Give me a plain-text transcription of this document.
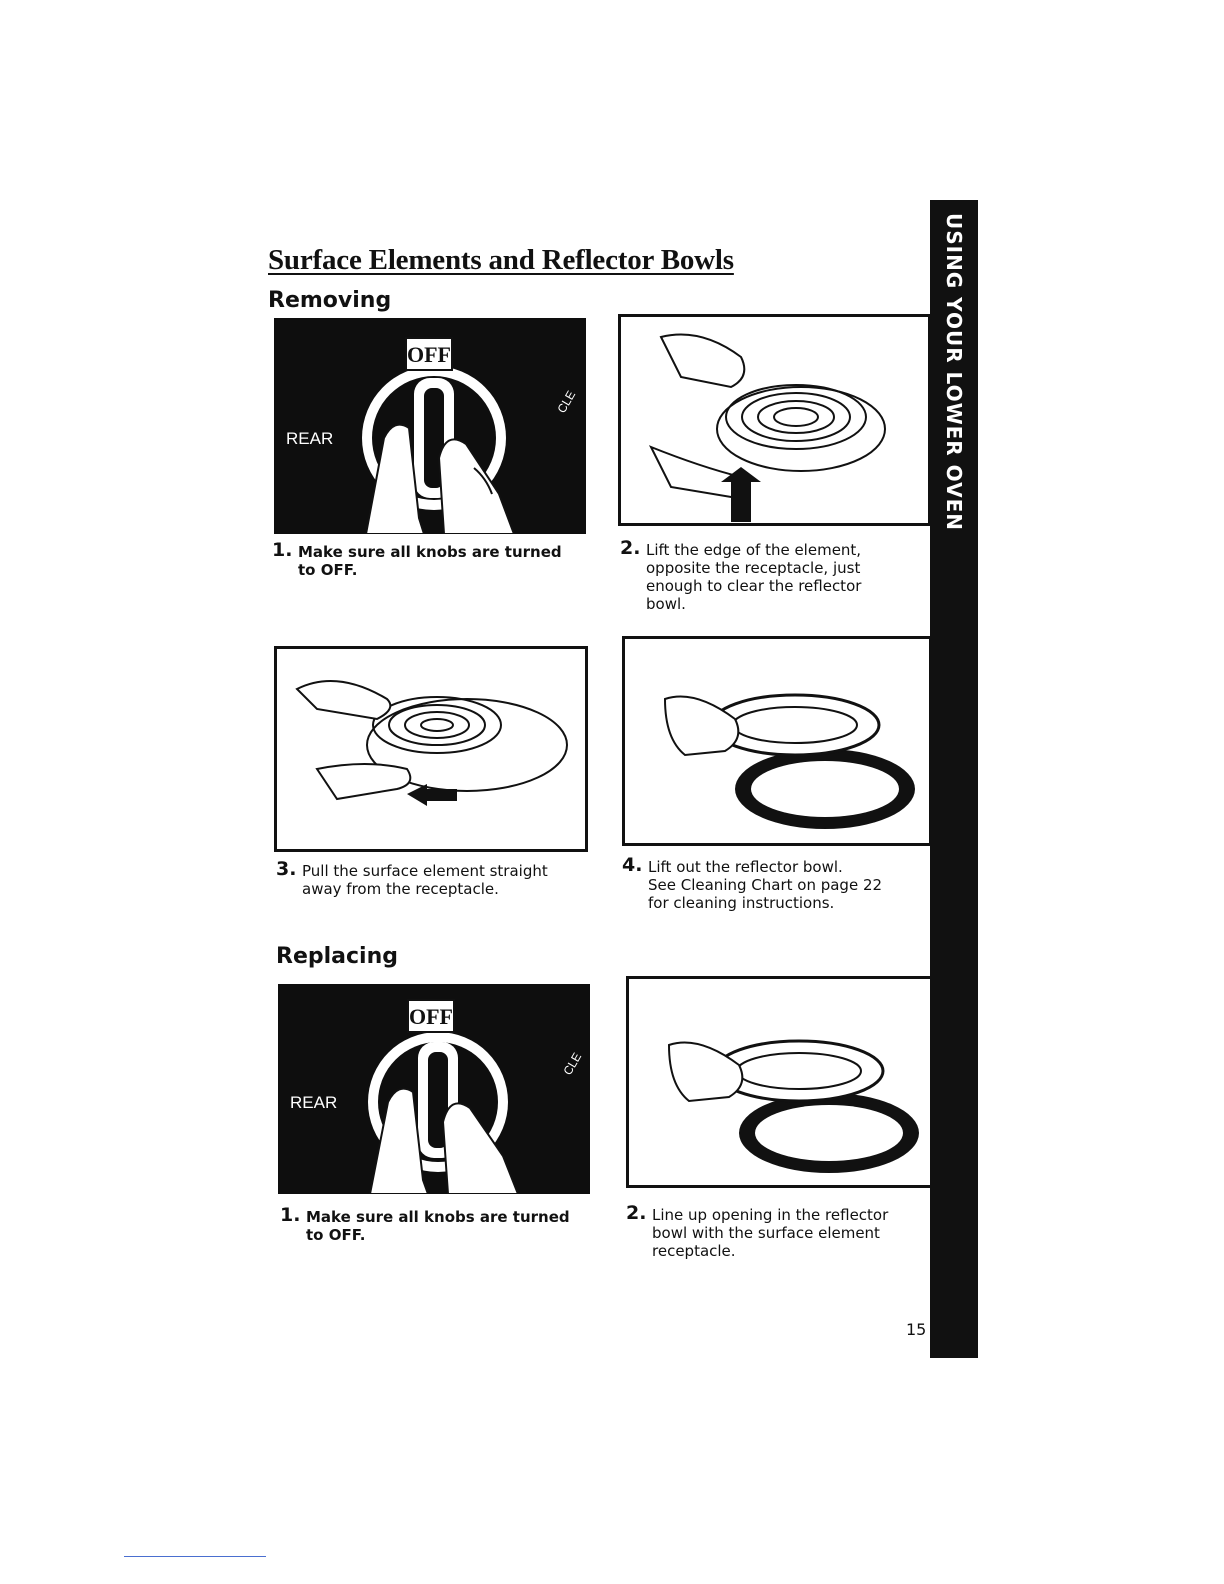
Surface Elements and Reflector Bowls
Removing
OFF
REAR
CLE
1. Make sure all knobs are turned
to OFF.
2. Lift the edge of the element,
opposite the receptacle, just
enough to clear the reflector
bowl.
3. Pull the surface element straight
away from the receptacle.
4. Lift out the reflector bowl.
See Cleaning Chart on page 22
for cleaning instructions.
Replacing
OFF
REAR
CLE
1. Make sure all knobs are turned
to OFF.
2. Line up opening in the reflector
bowl with the surface element
receptacle.
USING YOUR LOWER OVEN
15
